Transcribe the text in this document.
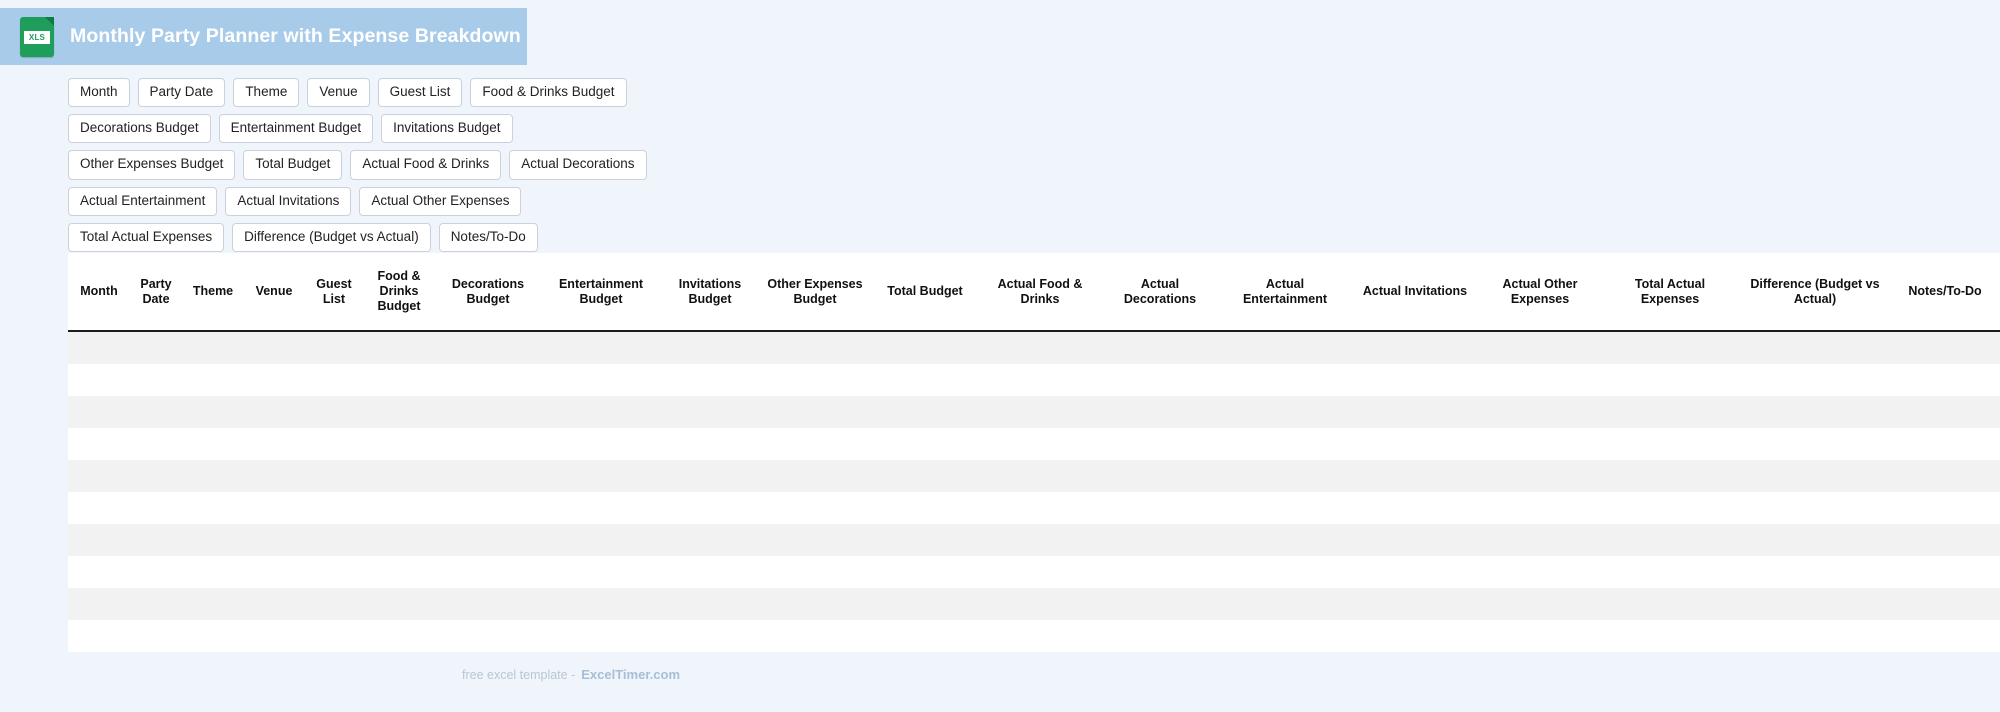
XLS Monthly Party Planner with Expense Breakdown
Month	Party Date	Theme	Venue	Guest List	Food & Drinks Budget
Decorations Budget	Entertainment Budget	Invitations Budget
Other Expenses Budget	Total Budget	Actual Food & Drinks	Actual Decorations
Actual Entertainment	Actual Invitations	Actual Other Expenses
Total Actual Expenses	Difference (Budget vs Actual)	Notes/To-Do
Month	Party Date	Theme	Venue	Guest List	Food & Drinks Budget	Decorations Budget	Entertainment Budget	Invitations Budget	Other Expenses Budget	Total Budget	Actual Food & Drinks	Actual Decorations	Actual Entertainment	Actual Invitations	Actual Other Expenses	Total Actual Expenses	Difference (Budget vs Actual)	Notes/To-Do

free excel template - ExcelTimer.com
